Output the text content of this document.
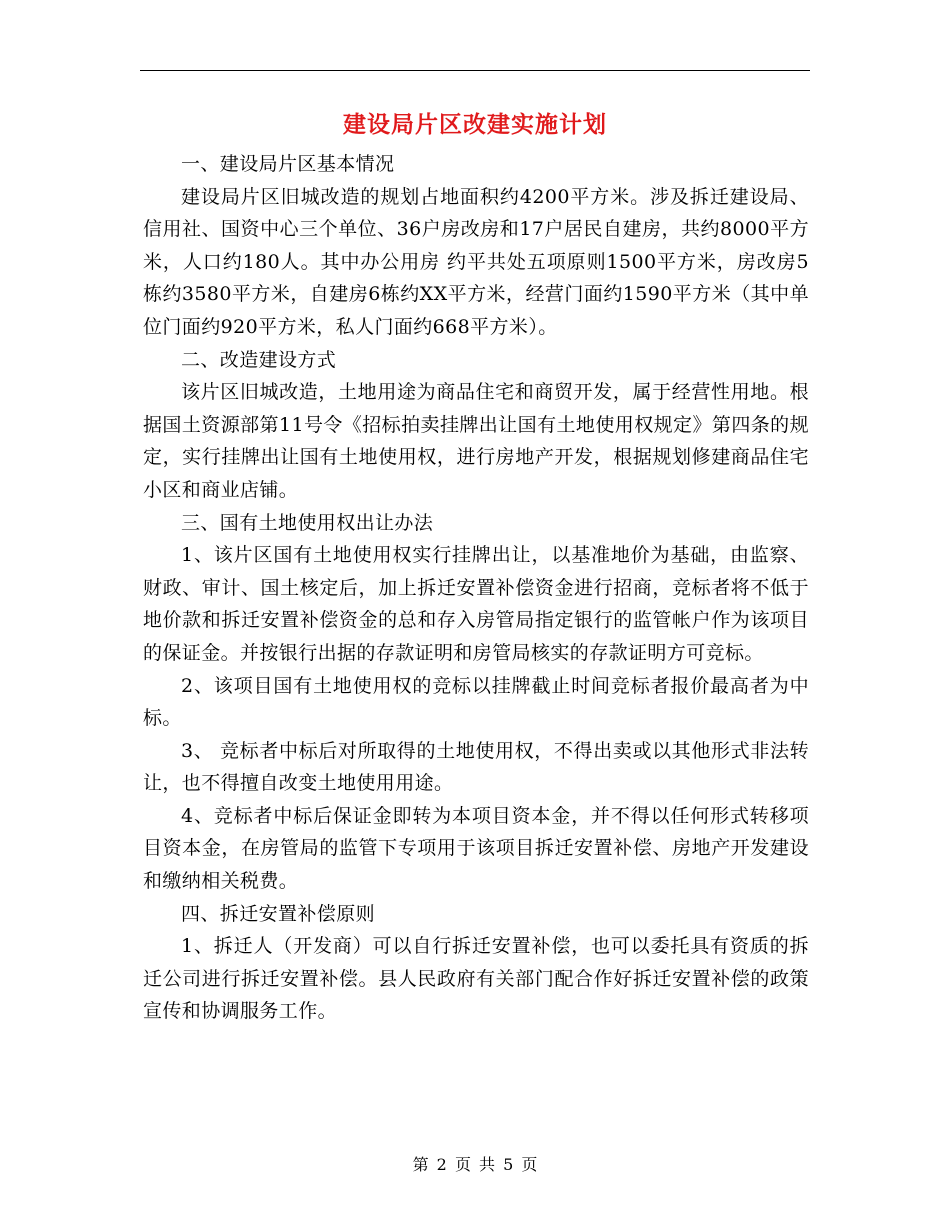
建设局片区改建实施计划

一、建设局片区基本情况

建设局片区旧城改造的规划占地面积约4200平方米。涉及拆迁建设局、信用社、国资中心三个单位、36户房改房和17户居民自建房，共约8000平方米，人口约180人。其中办公用房 约平共处五项原则1500平方米，房改房5栋约3580平方米，自建房6栋约XX平方米，经营门面约1590平方米（其中单位门面约920平方米，私人门面约668平方米）。

二、改造建设方式

该片区旧城改造，土地用途为商品住宅和商贸开发，属于经营性用地。根据国土资源部第11号令《招标拍卖挂牌出让国有土地使用权规定》第四条的规定，实行挂牌出让国有土地使用权，进行房地产开发，根据规划修建商品住宅小区和商业店铺。

三、国有土地使用权出让办法

1、该片区国有土地使用权实行挂牌出让，以基准地价为基础，由监察、财政、审计、国土核定后，加上拆迁安置补偿资金进行招商，竞标者将不低于地价款和拆迁安置补偿资金的总和存入房管局指定银行的监管帐户作为该项目的保证金。并按银行出据的存款证明和房管局核实的存款证明方可竞标。

2、该项目国有土地使用权的竞标以挂牌截止时间竞标者报价最高者为中标。

3、 竞标者中标后对所取得的土地使用权，不得出卖或以其他形式非法转让，也不得擅自改变土地使用用途。

4、竞标者中标后保证金即转为本项目资本金，并不得以任何形式转移项目资本金，在房管局的监管下专项用于该项目拆迁安置补偿、房地产开发建设和缴纳相关税费。

四、拆迁安置补偿原则

1、拆迁人（开发商）可以自行拆迁安置补偿，也可以委托具有资质的拆迁公司进行拆迁安置补偿。县人民政府有关部门配合作好拆迁安置补偿的政策宣传和协调服务工作。

第 2 页 共 5 页
